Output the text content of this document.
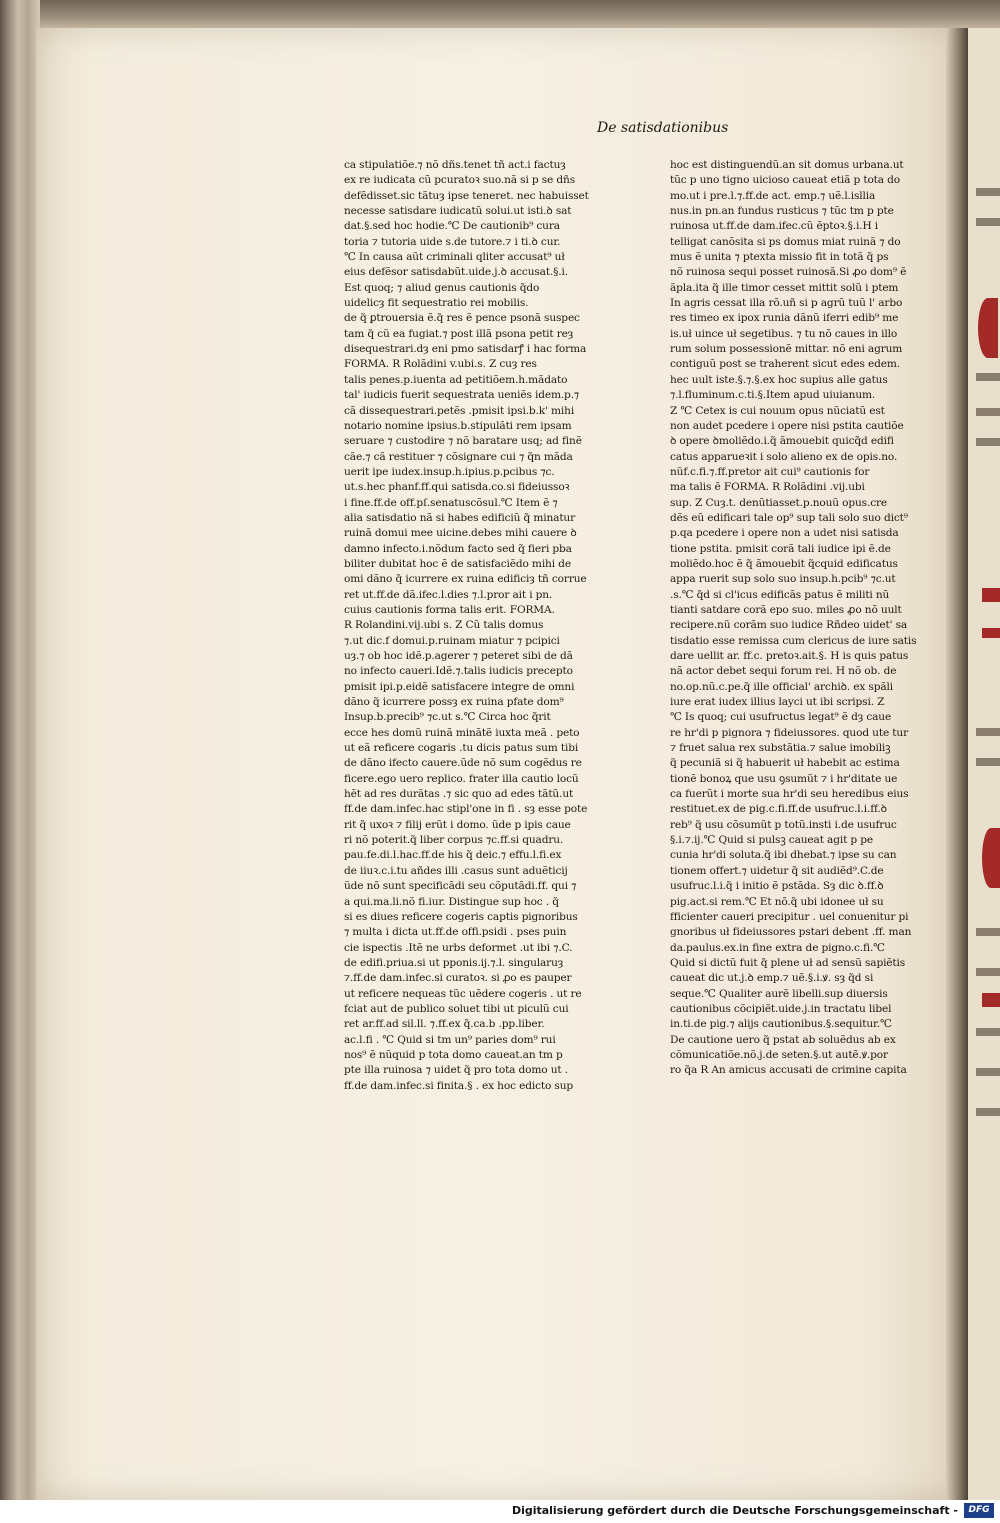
De satisdationibus
ca stipulatiõe.⁊ nõ dñs.tenet tñ act.i factuȝ
ex re iudicata cũ pcuratoꝛ suo.nã si p se dñs
defẽdisset.sic tãtuȝ ipse teneret. nec habuisset
necesse satisdare iudicatũ solui.ut isti.ꝺ sat
dat.§.sed hoc hodie.℃ De cautionib⁹ cura
toria ⁊ tutoria uide s.de tutore.⁊ i ti.ꝺ cur.
℃ In causa aũt criminali qliter accusat⁹ uł
eius defẽsor satisdabũt.uide.j.ꝺ accusat.§.i.
Est quoq; ⁊ aliud genus cautionis q̃do
uidelicȝ fit sequestratio rei mobilis.
de q̃ ꝑtrouersia ẽ.q̃ res ẽ pence psonã suspec
tam q̃ cũ ea fugiat.⁊ post illã psona petit reȝ
disequestrari.dȝ eni pmo satisdarꝭ i hac forma
FORMA. R Rolãdini v.ubi.s. Z cuȝ res
talis penes.p.iuenta ad petitiõem.h.mãdato
tal' iudicis fuerit sequestrata ueniẽs idem.p.⁊
cã dissequestrari.petẽs .pmisit ipsi.b.k' mihi
notario nomine ipsius.b.stipulãti rem ipsam
seruare ⁊ custodire ⁊ nõ baratare usq; ad finẽ
cãe.⁊ cã restituer ⁊ cõsignare cui ⁊ q̃n mãda
uerit ipe iudex.insup.h.ipius.p.pcibus ⁊c.
ut.s.hec phanf.ff.qui satisda.co.si fideiussoꝛ
i fine.ff.de off.pſ.senatuscõsul.℃ Item ẽ ⁊
alia satisdatio nã si habes edificiũ q̃ minatur
ruinã domui mee uicine.debes mihi cauere ꝺ
damno infecto.i.nõdum facto sed q̃ fieri pba
biliter dubitat hoc ẽ de satisfaciẽdo mihi de
omi dãno q̃ icurrere ex ruina edificiȝ tñ corrue
ret ut.ff.de dã.ifec.l.dies ⁊.l.pror ait i pn.
cuius cautionis forma talis erit. FORMA.
R Rolandini.vij.ubi s. Z Cũ talis domus
⁊.ut dic.f domui.p.ruinam miatur ⁊ pcipici
uȝ.⁊ ob hoc idẽ.p.agerer ⁊ peteret sibi de dã
no infecto caueri.Idẽ.⁊.talis iudicis precepto
pmisit ipi.p.eidẽ satisfacere integre de omni
dãno q̃ icurrere possȝ ex ruina pfate dom⁹
Insup.b.precib⁹ ⁊c.ut s.℃ Circa hoc q̃rit
ecce hes domũ ruinã minãtẽ iuxta meã . peto
ut eã reficere cogaris .tu dicis patus sum tibi
de dãno ifecto cauere.ũde nõ sum cogẽdus re
ficere.ego uero replico. frater illa cautio locũ
hẽt ad res durãtas .⁊ sic quo ad edes tãtũ.ut
ff.de dam.infec.hac stipl'one in fi . sȝ esse pote
rit q̃ uxoꝛ ⁊ filij erũt i domo. ũde p ipis caue
ri nõ poterit.q̃ liber corpus ⁊c.ff.si quadru.
pau.fe.di.l.hac.ff.de his q̃ deic.⁊ effu.l.fi.ex
de iiuꝛ.c.i.tu añdes illi .casus sunt aduẽticij
ũde nõ sunt specificãdi seu cõputãdi.ff. qui ⁊
a qui.ma.li.nõ fi.iur. Distingue sup hoc . q̃
si es diues reficere cogeris captis pignoribus
⁊ multa i dicta ut.ff.de offi.psidi . pses puin
cie ispectis .Itẽ ne urbs deformet .ut ibi ⁊.C.
de edifi.priua.si ut pponis.ij.⁊.l. singularuȝ
⁊.ff.de dam.infec.si curatoꝛ. si ꝓo es pauper
ut reficere nequeas tũc uẽdere cogeris . ut re
fciat aut de publico soluet tibi ut piculũ cui
ret ar.ff.ad sil.ll. ⁊.ff.ex q̃.ca.b .pp.liber.
ac.l.fi . ℃ Quid si tm un⁹ paries dom⁹ rui
nos⁹ ẽ nũquid p tota domo caueat.an tm p
pte illa ruinosa ⁊ uidet q̃ pro tota domo ut .
ff.de dam.infec.si finita.§ . ex hoc edicto sup
hoc est distinguendũ.an sit domus urbana.ut
tũc p uno tigno uicioso caueat etiã p tota do
mo.ut i pre.l.⁊.ff.de act. emp.⁊ uẽ.l.isllia
nus.in pn.an fundus rusticus ⁊ tũc tm p pte
ruinosa ut.ff.de dam.ifec.cũ ẽptoꝛ.§.i.H i
telligat canõsita si ps domus miat ruinã ⁊ do
mus ẽ unita ⁊ ptexta missio fit in totã q̃ ps
nõ ruinosa sequi posset ruinosã.Si ꝓo dom⁹ ẽ
ãpla.ita q̃ ille timor cesset mittit solũ i ptem
In agris cessat illa rõ.uñ si p agrũ tuũ l' arbo
res timeo ex ipox runia dãnũ iferri edib⁹ me
is.uł uince uł segetibus. ⁊ tu nõ caues in illo
rum solum possessionẽ mittar. nõ eni agrum
contiguũ post se traherent sicut edes edem.
hec uult iste.§.⁊.§.ex hoc supius alle gatus
⁊.l.fluminum.c.ti.§.Item apud uiuianum.
Z ℃ Cetex is cui nouum opus nũciatũ est
non audet pcedere i opere nisi pstita cautiõe
ꝺ opere ꝺmoliẽdo.i.q̃ ãmouebit quicq̃d edifi
catus apparueꝛit i solo alieno ex de opis.no.
nũf.c.fi.⁊.ff.pretor ait cui⁹ cautionis for
ma talis ẽ FORMA. R Rolãdini .vij.ubi
sup. Z Cuȝ.t. denũtiasset.p.nouũ opus.cre
dẽs eũ edificari tale op⁹ sup tali solo suo dict⁹
p.qa pcedere i opere non a udet nisi satisda
tione pstita. pmisit corã tali iudice ipi ẽ.de
moliẽdo.hoc ẽ q̃ ãmouebit q̃cquid edificatus
appa ruerit sup solo suo insup.h.pcib⁹ ⁊c.ut
.s.℃ q̃d si cl'icus edificãs patus ẽ militi nũ
tianti satdare corã epo suo. miles ꝓo nõ uult
recipere.nũ corãm suo iudice Rñdeo uidet' sa
tisdatio esse remissa cum clericus de iure satis
dare uellit ar. ff.c. pretoꝛ.ait.§. H is quis patus
nã actor debet sequi forum rei. H nõ ob. de
no.op.nũ.c.pe.q̃ ille official' archiꝺ. ex spãli
iure erat iudex illius layci ut ibi scripsi. Z
℃ Is quoq; cui usufructus legat⁹ ẽ dȝ caue
re hr'di p pignora ⁊ fideiussores. quod ute tur
⁊ fruet salua rex substãtia.⁊ salue imobiliꝫ
q̃ pecuniã si q̃ habuerit uł habebit ac estima
tionẽ bonoꝝ que usu ꝯsumũt ⁊ i hr'ditate ue
ca fuerũt i morte sua hr'di seu heredibus eius
restituet.ex de pig.c.fi.ff.de usufruc.l.i.ff.ꝺ
reb⁹ q̃ usu cõsumũt p totũ.insti i.de usufruc
§.i.⁊.ij.℃ Quid si pulsꝫ caueat agit p pe
cunia hr'di soluta.q̃ ibi dhebat.⁊ ipse su can
tionem offert.⁊ uidetur q̃ sit audiẽd⁹.C.de
usufruc.l.i.q̃ i initio ẽ pstãda. Sȝ dic ꝺ.ff.ꝺ
pig.act.si rem.℃ Et nõ.q̃ ubi idonee uł su
fficienter caueri precipitur . uel conuenitur pi
gnoribus uł fideiussores pstari debent .ff. man
da.paulus.ex.in fine extra de pigno.c.fi.℃
Quid si dictũ fuit q̃ plene uł ad sensũ sapiẽtis
caueat dic ut.j.ꝺ emp.⁊ uẽ.§.i.ꝟ. sȝ q̃d si
seque.℃ Qualiter aurẽ libelli.sup diuersis
cautionibus cõcipiẽt.uide.j.in tractatu libel
in.ti.de pig.⁊ alijs cautionibus.§.sequitur.℃
De cautione uero q̃ pstat ab soluẽdus ab ex
cõmunicatiõe.nõ.j.de seten.§.ut autẽ.ꝟ.por
ro q̃a R An amicus accusati de crimine capita
Digitalisierung gefördert durch die Deutsche Forschungsgemeinschaft -	DFG
